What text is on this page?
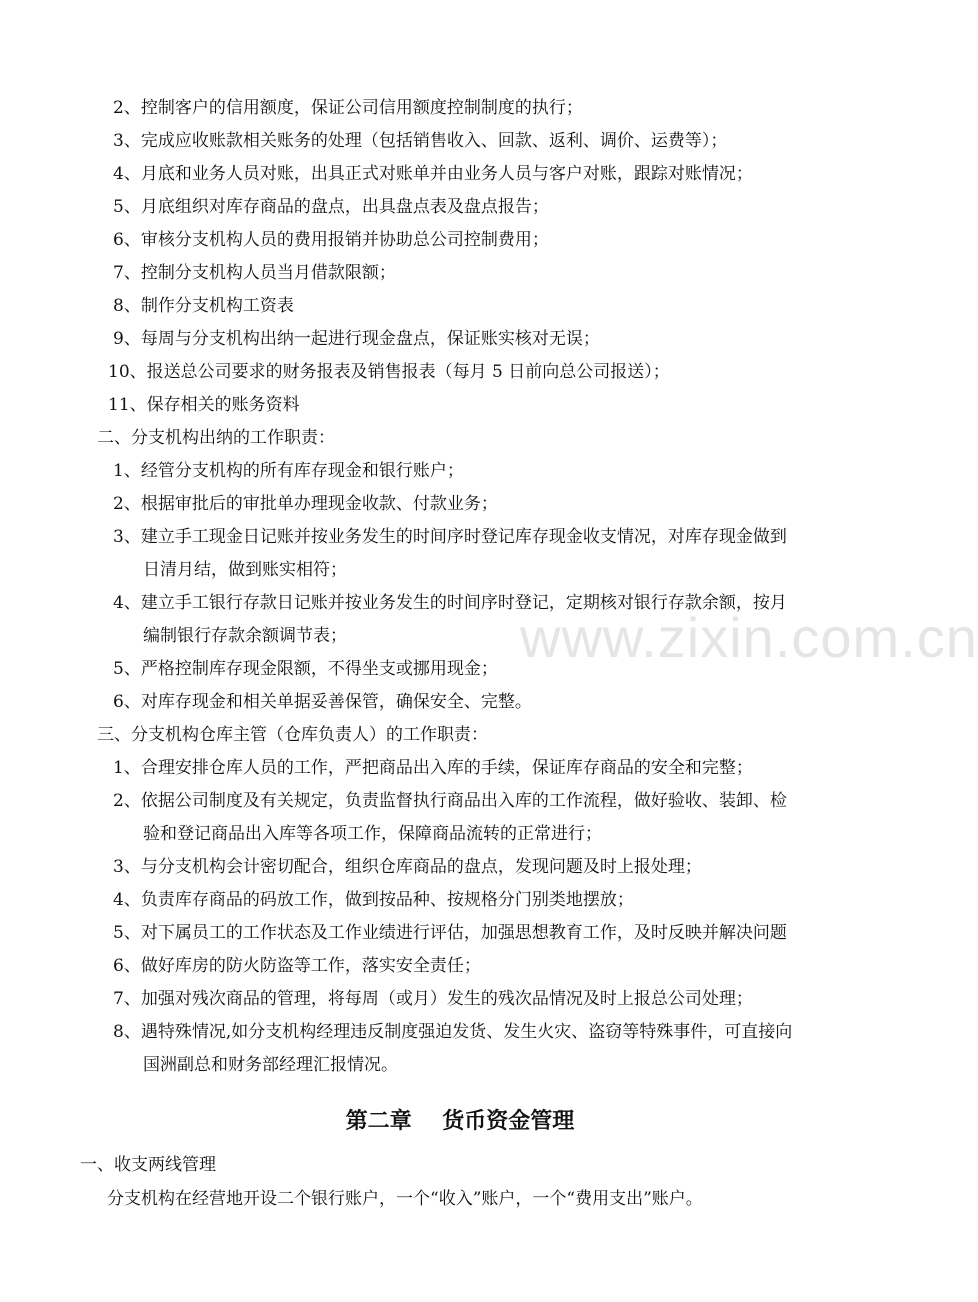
www.zixin.com.cn
2、控制客户的信用额度，保证公司信用额度控制制度的执行；
3、完成应收账款相关账务的处理（包括销售收入、回款、返利、调价、运费等）；
4、月底和业务人员对账，出具正式对账单并由业务人员与客户对账，跟踪对账情况；
5、月底组织对库存商品的盘点，出具盘点表及盘点报告；
6、审核分支机构人员的费用报销并协助总公司控制费用；
7、控制分支机构人员当月借款限额；
8、制作分支机构工资表
9、每周与分支机构出纳一起进行现金盘点，保证账实核对无误；
10、报送总公司要求的财务报表及销售报表（每月 5 日前向总公司报送）；
11、保存相关的账务资料
二、分支机构出纳的工作职责：
1、经管分支机构的所有库存现金和银行账户；
2、根据审批后的审批单办理现金收款、付款业务；
3、建立手工现金日记账并按业务发生的时间序时登记库存现金收支情况，对库存现金做到
日清月结，做到账实相符；
4、建立手工银行存款日记账并按业务发生的时间序时登记，定期核对银行存款余额，按月
编制银行存款余额调节表；
5、严格控制库存现金限额，不得坐支或挪用现金；
6、对库存现金和相关单据妥善保管，确保安全、完整。
三、分支机构仓库主管（仓库负责人）的工作职责：
1、合理安排仓库人员的工作，严把商品出入库的手续，保证库存商品的安全和完整；
2、依据公司制度及有关规定，负责监督执行商品出入库的工作流程，做好验收、装卸、检
验和登记商品出入库等各项工作，保障商品流转的正常进行；
3、与分支机构会计密切配合，组织仓库商品的盘点，发现问题及时上报处理；
4、负责库存商品的码放工作，做到按品种、按规格分门别类地摆放；
5、对下属员工的工作状态及工作业绩进行评估，加强思想教育工作，及时反映并解决问题
6、做好库房的防火防盗等工作，落实安全责任；
7、加强对残次商品的管理，将每周（或月）发生的残次品情况及时上报总公司处理；
8、遇特殊情况,如分支机构经理违反制度强迫发货、发生火灾、盗窃等特殊事件，可直接向
国洲副总和财务部经理汇报情况。
第二章    货币资金管理
一、收支两线管理
分支机构在经营地开设二个银行账户，一个“收入”账户，一个“费用支出”账户。
